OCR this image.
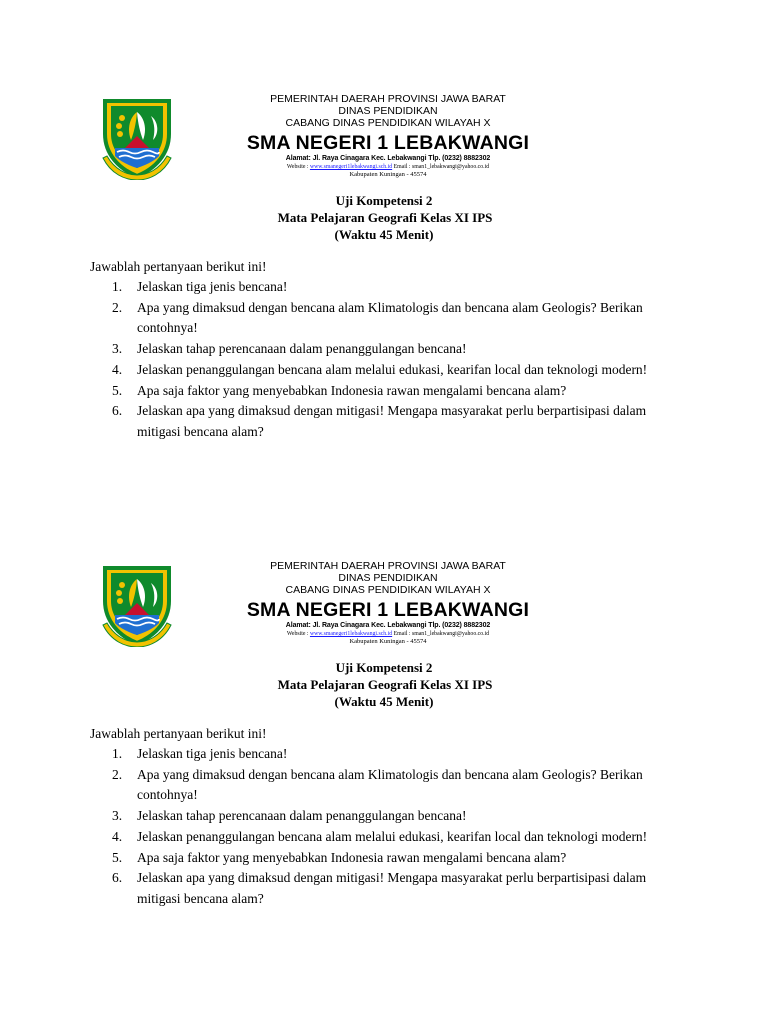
PEMERINTAH DAERAH PROVINSI JAWA BARAT
DINAS PENDIDIKAN
CABANG DINAS PENDIDIKAN WILAYAH X
SMA NEGERI 1 LEBAKWANGI
Alamat: Jl. Raya Cinagara Kec. Lebakwangi Tlp. (0232) 8882302
Website : www.smanegeri1lebakwangi.sch.id Email : sman1_lebakwangi@yahoo.co.id
Kabupaten Kuningan - 45574
Uji Kompetensi 2
Mata Pelajaran Geografi Kelas XI IPS
(Waktu 45 Menit)
Jawablah pertanyaan berikut ini!
1. Jelaskan tiga jenis bencana!
2. Apa yang dimaksud dengan bencana alam Klimatologis dan bencana alam Geologis? Berikan contohnya!
3. Jelaskan tahap perencanaan dalam penanggulangan bencana!
4. Jelaskan penanggulangan bencana alam melalui edukasi, kearifan local dan teknologi modern!
5. Apa saja faktor yang menyebabkan Indonesia rawan mengalami bencana alam?
6. Jelaskan apa yang dimaksud dengan mitigasi! Mengapa masyarakat perlu berpartisipasi dalam mitigasi bencana alam?
PEMERINTAH DAERAH PROVINSI JAWA BARAT
DINAS PENDIDIKAN
CABANG DINAS PENDIDIKAN WILAYAH X
SMA NEGERI 1 LEBAKWANGI
Alamat: Jl. Raya Cinagara Kec. Lebakwangi Tlp. (0232) 8882302
Website : www.smanegeri1lebakwangi.sch.id Email : sman1_lebakwangi@yahoo.co.id
Kabupaten Kuningan - 45574
Uji Kompetensi 2
Mata Pelajaran Geografi Kelas XI IPS
(Waktu 45 Menit)
Jawablah pertanyaan berikut ini!
1. Jelaskan tiga jenis bencana!
2. Apa yang dimaksud dengan bencana alam Klimatologis dan bencana alam Geologis? Berikan contohnya!
3. Jelaskan tahap perencanaan dalam penanggulangan bencana!
4. Jelaskan penanggulangan bencana alam melalui edukasi, kearifan local dan teknologi modern!
5. Apa saja faktor yang menyebabkan Indonesia rawan mengalami bencana alam?
6. Jelaskan apa yang dimaksud dengan mitigasi! Mengapa masyarakat perlu berpartisipasi dalam mitigasi bencana alam?
